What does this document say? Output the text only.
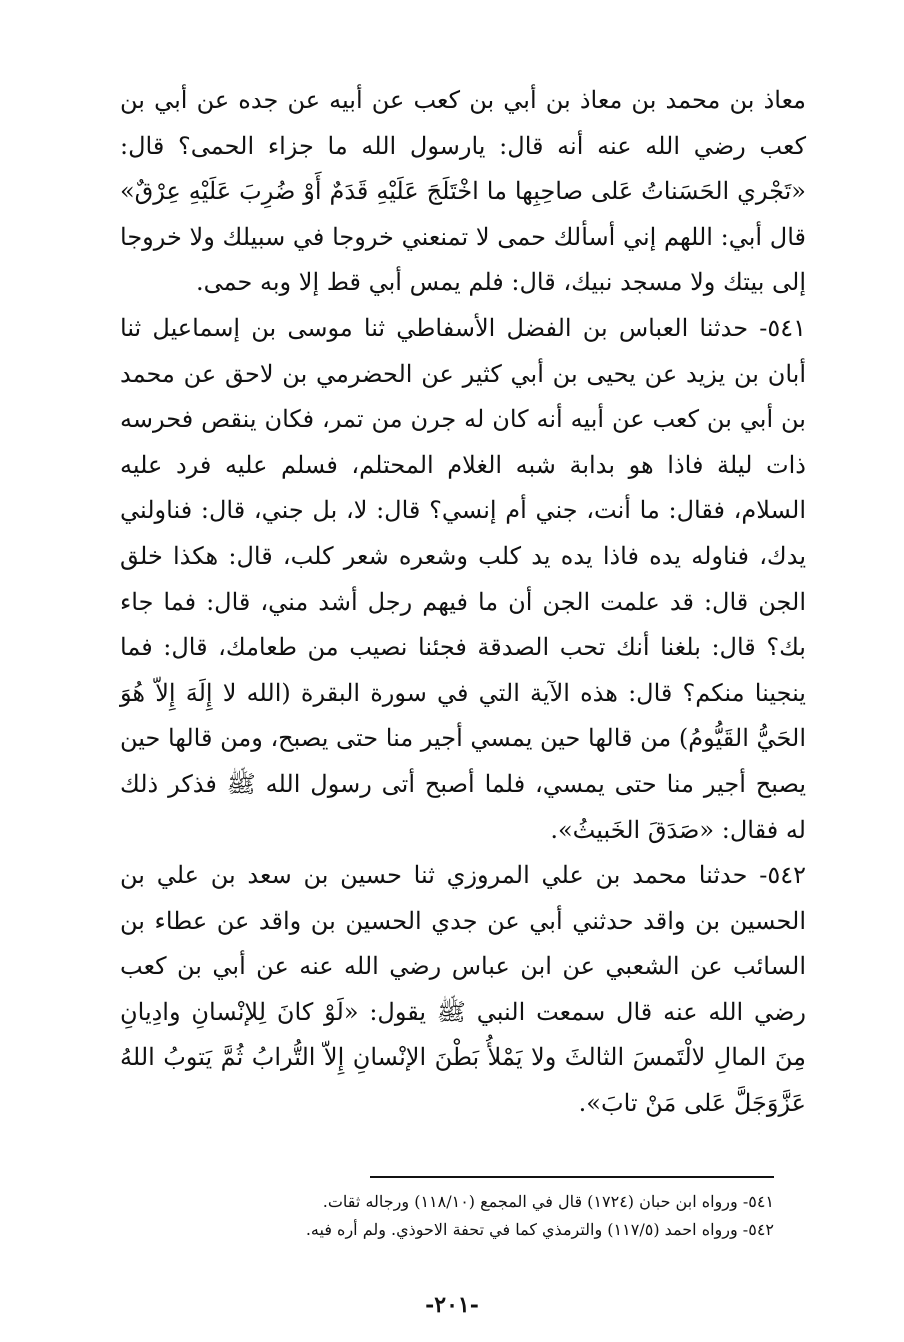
معاذ بن محمد بن معاذ بن أبي بن كعب عن أبيه عن جده عن أبي بن كعب رضي الله عنه أنه قال: يارسول الله ما جزاء الحمى؟ قال: «تَجْري الحَسَناتُ عَلى صاحِبِها ما اخْتَلَجَ عَلَيْهِ قَدَمٌ أَوْ ضُرِبَ عَلَيْهِ عِرْقٌ» قال أبي: اللهم إني أسألك حمى لا تمنعني خروجا في سبيلك ولا خروجا إلى بيتك ولا مسجد نبيك، قال: فلم يمس أبي قط إلا وبه حمى.

٥٤١- حدثنا العباس بن الفضل الأسفاطي ثنا موسى بن إسماعيل ثنا أبان بن يزيد عن يحيى بن أبي كثير عن الحضرمي بن لاحق عن محمد بن أبي بن كعب عن أبيه أنه كان له جرن من تمر، فكان ينقص فحرسه ذات ليلة فاذا هو بدابة شبه الغلام المحتلم، فسلم عليه فرد عليه السلام، فقال: ما أنت، جني أم إنسي؟ قال: لا، بل جني، قال: فناولني يدك، فناوله يده فاذا يده يد كلب وشعره شعر كلب، قال: هكذا خلق الجن قال: قد علمت الجن أن ما فيهم رجل أشد مني، قال: فما جاء بك؟ قال: بلغنا أنك تحب الصدقة فجئنا نصيب من طعامك، قال: فما ينجينا منكم؟ قال: هذه الآية التي في سورة البقرة (الله لا إِلَهَ إِلاّ هُوَ الحَيُّ القَيُّومُ) من قالها حين يمسي أجير منا حتى يصبح، ومن قالها حين يصبح أجير منا حتى يمسي، فلما أصبح أتى رسول الله ﷺ فذكر ذلك له فقال: «صَدَقَ الخَبيثُ».

٥٤٢- حدثنا محمد بن علي المروزي ثنا حسين بن سعد بن علي بن الحسين بن واقد حدثني أبي عن جدي الحسين بن واقد عن عطاء بن السائب عن الشعبي عن ابن عباس رضي الله عنه عن أبي بن كعب رضي الله عنه قال سمعت النبي ﷺ يقول: «لَوْ كانَ لِلإنْسانِ وادِيانِ مِنَ المالِ لالْتَمسَ الثالثَ ولا يَمْلأُ بَطْنَ الإنْسانِ إِلاّ التُّرابُ ثُمَّ يَتوبُ اللهُ عَزَّوَجَلَّ عَلى مَنْ تابَ».

٥٤١- ورواه ابن حبان (١٧٢٤) قال في المجمع (١١٨/١٠) ورجاله ثقات.

٥٤٢- ورواه احمد (١١٧/٥) والترمذي كما في تحفة الاحوذي. ولم أره فيه.

-٢٠١-
